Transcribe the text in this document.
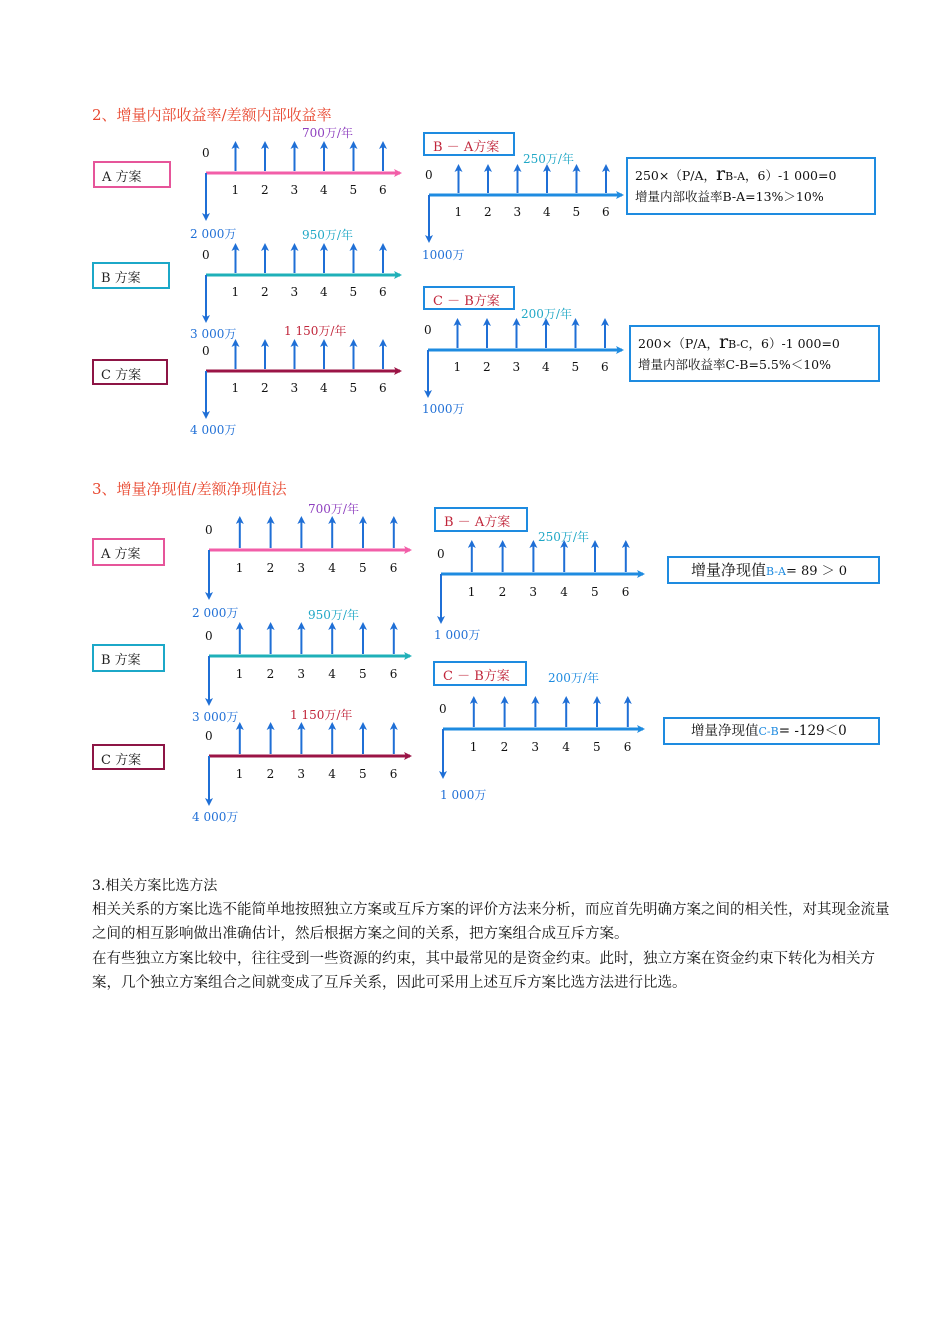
2、增量内部收益率/差额内部收益率
A 方案
B 方案
C 方案
B － A方案
C － B方案
250×（P/A，rB-A，6）-1 000=0
增量内部收益率B-A=13%＞10%
200×（P/A，rB-C，6）-1 000=0
增量内部收益率C-B=5.5%＜10%
3、增量净现值/差额净现值法
A 方案
B 方案
C 方案
B － A方案
C － B方案
增量净现值B-A= 89 ＞ 0
增量净现值C-B= -129＜0
0
1 2 3 4 5 6
700万/年
2 000万
0
1 2 3 4 5 6
950万/年
3 000万
0
1 2 3 4 5 6
1 150万/年
4 000万
0
1 2 3 4 5 6
250万/年
1000万
0
1 2 3 4 5 6
200万/年
1000万
0
1 2 3 4 5 6
700万/年
2 000万
0
1 2 3 4 5 6
950万/年
3 000万
0
1 2 3 4 5 6
1 150万/年
4 000万
0
1 2 3 4 5 6
250万/年
1 000万
0
1 2 3 4 5 6
200万/年
1 000万
3.相关方案比选方法
相关关系的方案比选不能简单地按照独立方案或互斥方案的评价方法来分析，而应首先明确方案之间的相关性，对其现金流量之间的相互影响做出准确估计，然后根据方案之间的关系，把方案组合成互斥方案。
在有些独立方案比较中，往往受到一些资源的约束，其中最常见的是资金约束。此时，独立方案在资金约束下转化为相关方案，几个独立方案组合之间就变成了互斥关系，因此可采用上述互斥方案比选方法进行比选。
